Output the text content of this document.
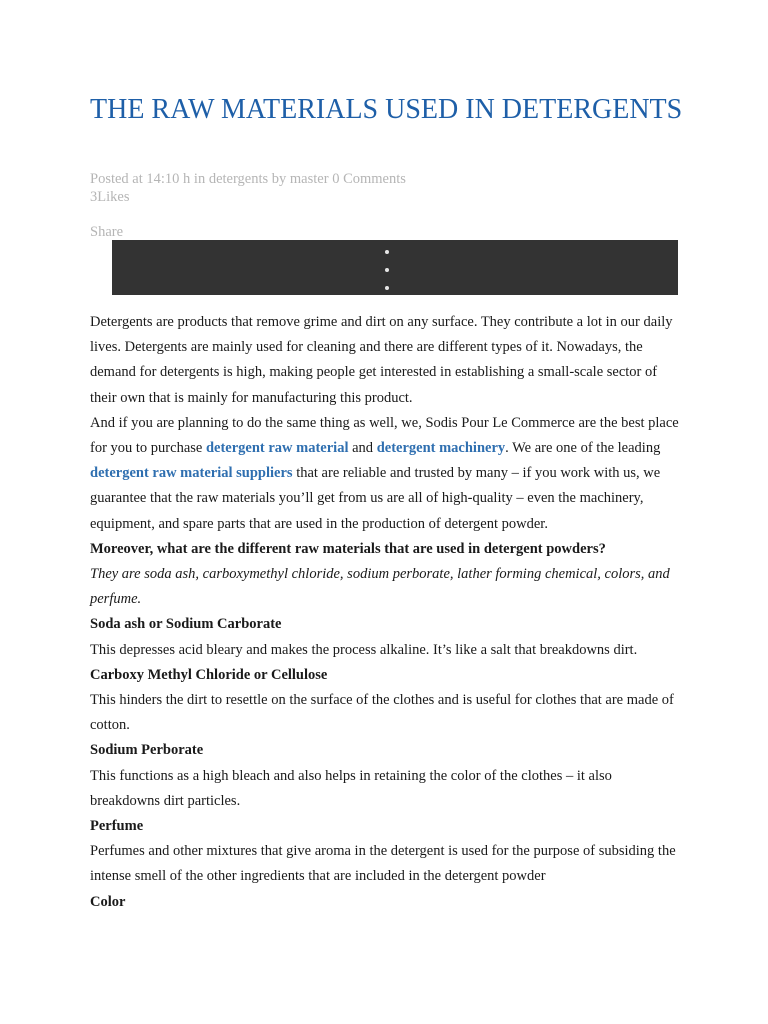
THE RAW MATERIALS USED IN DETERGENTS
Posted at 14:10 h in detergents by master 0 Comments
3Likes
Share

Detergents are products that remove grime and dirt on any surface. They contribute a lot in our daily lives. Detergents are mainly used for cleaning and there are different types of it. Nowadays, the demand for detergents is high, making people get interested in establishing a small-scale sector of their own that is mainly for manufacturing this product.

And if you are planning to do the same thing as well, we, Sodis Pour Le Commerce are the best place for you to purchase detergent raw material and detergent machinery. We are one of the leading detergent raw material suppliers that are reliable and trusted by many – if you work with us, we guarantee that the raw materials you’ll get from us are all of high-quality – even the machinery, equipment, and spare parts that are used in the production of detergent powder.

Moreover, what are the different raw materials that are used in detergent powders?

They are soda ash, carboxymethyl chloride, sodium perborate, lather forming chemical, colors, and perfume.

Soda ash or Sodium Carborate

This depresses acid bleary and makes the process alkaline. It’s like a salt that breakdowns dirt.

Carboxy Methyl Chloride or Cellulose

This hinders the dirt to resettle on the surface of the clothes and is useful for clothes that are made of cotton.

Sodium Perborate

This functions as a high bleach and also helps in retaining the color of the clothes – it also breakdowns dirt particles.

Perfume

Perfumes and other mixtures that give aroma in the detergent is used for the purpose of subsiding the intense smell of the other ingredients that are included in the detergent powder

Color
